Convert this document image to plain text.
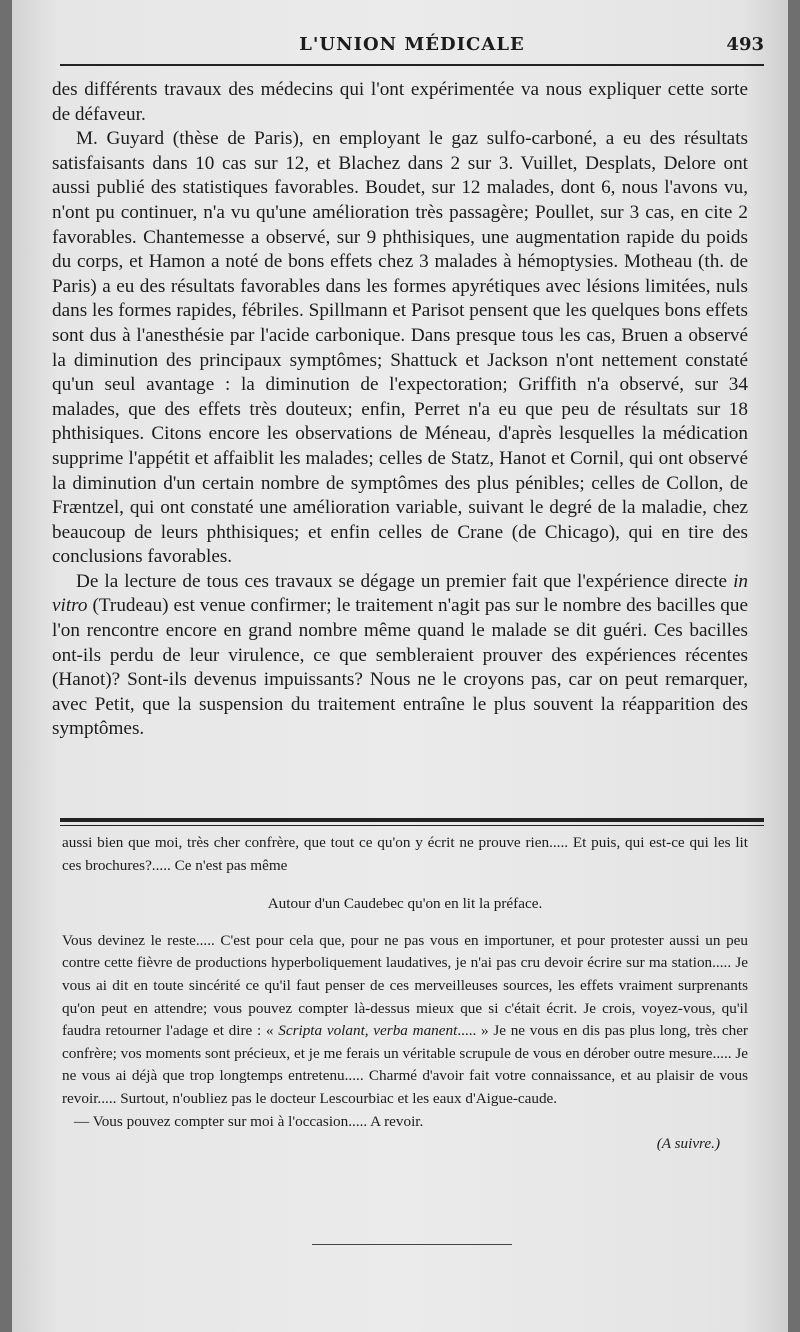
L'UNION MÉDICALE	493

des différents travaux des médecins qui l'ont expérimentée va nous expliquer cette sorte de défaveur.

M. Guyard (thèse de Paris), en employant le gaz sulfo-carboné, a eu des résultats satisfaisants dans 10 cas sur 12, et Blachez dans 2 sur 3. Vuillet, Desplats, Delore ont aussi publié des statistiques favorables. Boudet, sur 12 malades, dont 6, nous l'avons vu, n'ont pu continuer, n'a vu qu'une amélioration très passagère; Poullet, sur 3 cas, en cite 2 favorables. Chantemesse a observé, sur 9 phthisiques, une augmentation rapide du poids du corps, et Hamon a noté de bons effets chez 3 malades à hémoptysies. Motheau (th. de Paris) a eu des résultats favorables dans les formes apyrétiques avec lésions limitées, nuls dans les formes rapides, fébriles. Spillmann et Parisot pensent que les quelques bons effets sont dus à l'anesthésie par l'acide carbonique. Dans presque tous les cas, Bruen a observé la diminution des principaux symptômes; Shattuck et Jackson n'ont nettement constaté qu'un seul avantage : la diminution de l'expectoration; Griffith n'a observé, sur 34 malades, que des effets très douteux; enfin, Perret n'a eu que peu de résultats sur 18 phthisiques. Citons encore les observations de Méneau, d'après lesquelles la médication supprime l'appétit et affaiblit les malades; celles de Statz, Hanot et Cornil, qui ont observé la diminution d'un certain nombre de symptômes des plus pénibles; celles de Collon, de Fræntzel, qui ont constaté une amélioration variable, suivant le degré de la maladie, chez beaucoup de leurs phthisiques; et enfin celles de Crane (de Chicago), qui en tire des conclusions favorables.

De la lecture de tous ces travaux se dégage un premier fait que l'expérience directe in vitro (Trudeau) est venue confirmer; le traitement n'agit pas sur le nombre des bacilles que l'on rencontre encore en grand nombre même quand le malade se dit guéri. Ces bacilles ont-ils perdu de leur virulence, ce que sembleraient prouver des expériences récentes (Hanot)? Sont-ils devenus impuissants? Nous ne le croyons pas, car on peut remarquer, avec Petit, que la suspension du traitement entraîne le plus souvent la réapparition des symptômes.

aussi bien que moi, très cher confrère, que tout ce qu'on y écrit ne prouve rien..... Et puis, qui est-ce qui les lit ces brochures?..... Ce n'est pas même

Autour d'un Caudebec qu'on en lit la préface.

Vous devinez le reste..... C'est pour cela que, pour ne pas vous en importuner, et pour protester aussi un peu contre cette fièvre de productions hyperboliquement laudatives, je n'ai pas cru devoir écrire sur ma station..... Je vous ai dit en toute sincérité ce qu'il faut penser de ces merveilleuses sources, les effets vraiment surprenants qu'on peut en attendre; vous pouvez compter là-dessus mieux que si c'était écrit. Je crois, voyez-vous, qu'il faudra retourner l'adage et dire : « Scripta volant, verba manent..... » Je ne vous en dis pas plus long, très cher confrère; vos moments sont précieux, et je me ferais un véritable scrupule de vous en dérober outre mesure..... Je ne vous ai déjà que trop longtemps entretenu..... Charmé d'avoir fait votre connaissance, et au plaisir de vous revoir..... Surtout, n'oubliez pas le docteur Lescourbiac et les eaux d'Aigue-caude.

— Vous pouvez compter sur moi à l'occasion..... A revoir.

(A suivre.)
